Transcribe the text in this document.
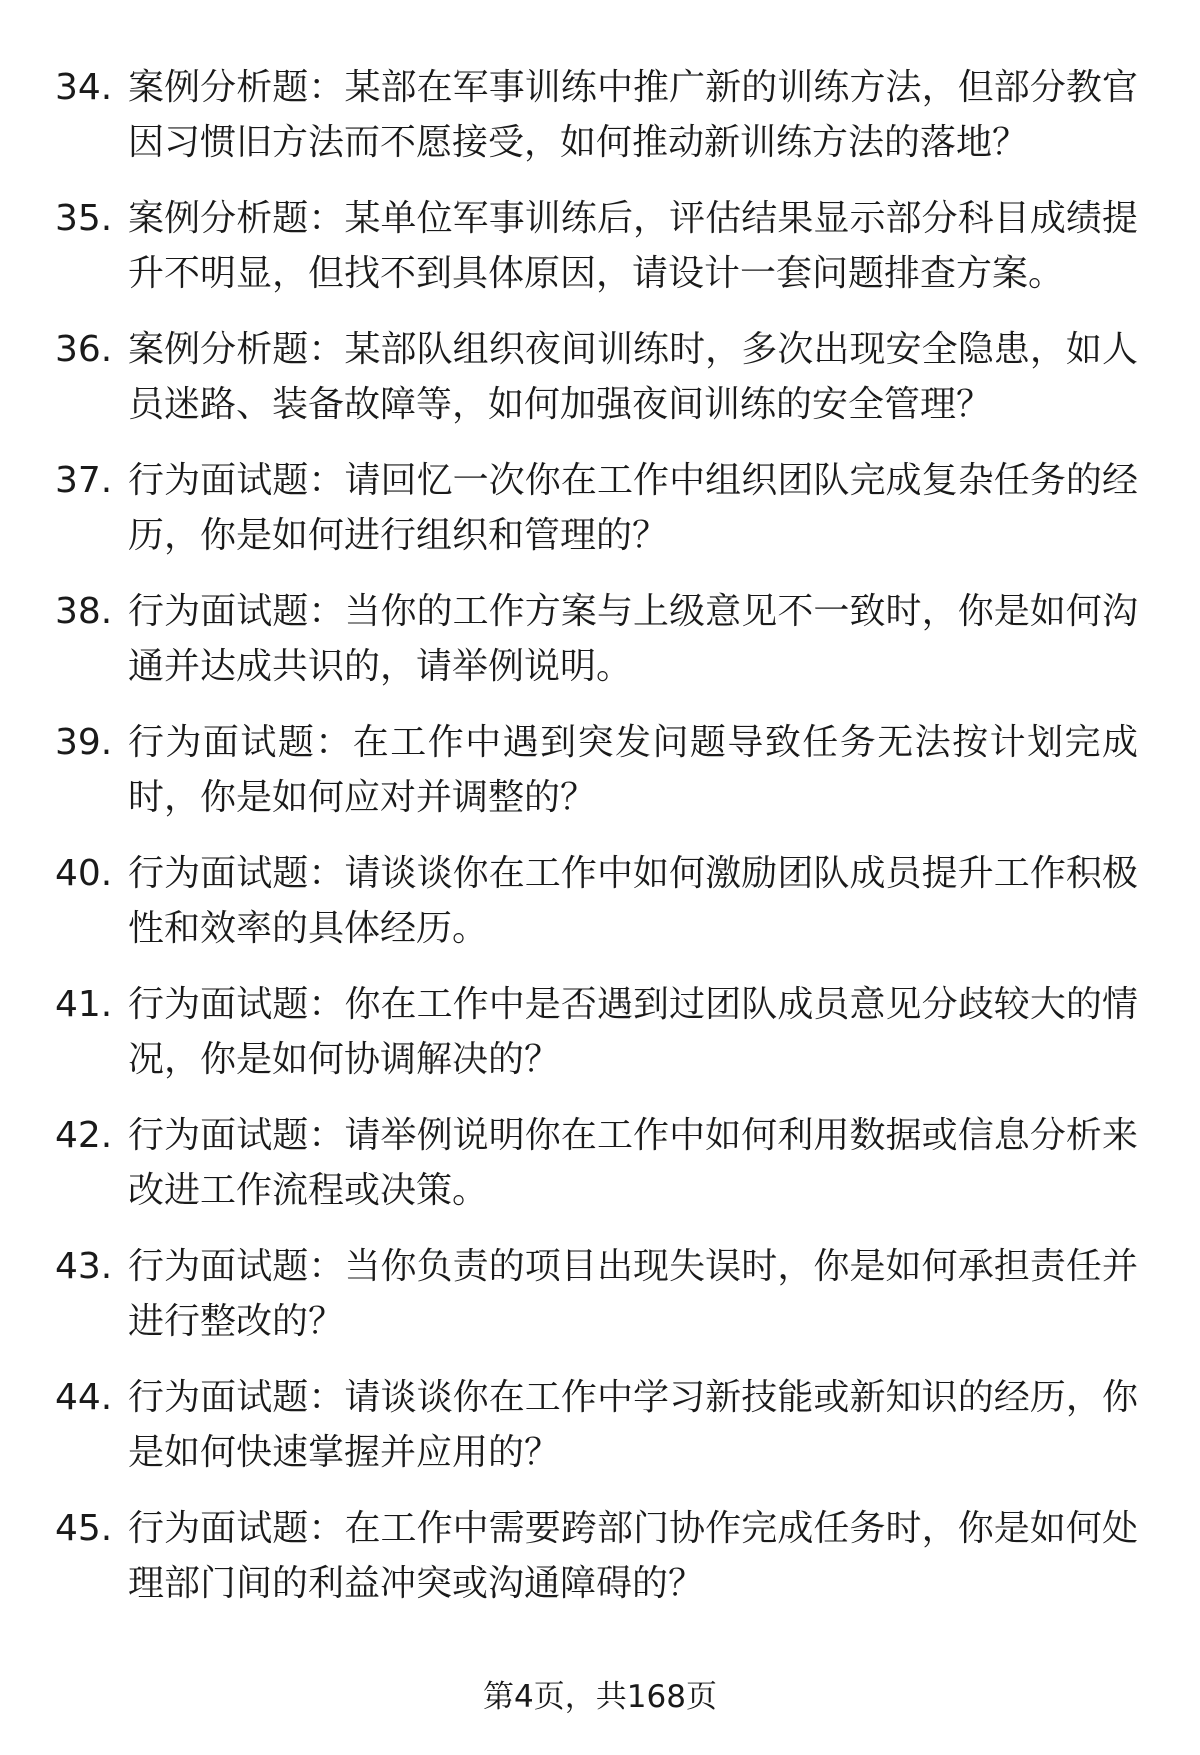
34. 案例分析题：某部在军事训练中推广新的训练方法，但部分教官因习惯旧方法而不愿接受，如何推动新训练方法的落地？
35. 案例分析题：某单位军事训练后，评估结果显示部分科目成绩提升不明显，但找不到具体原因，请设计一套问题排查方案。
36. 案例分析题：某部队组织夜间训练时，多次出现安全隐患，如人员迷路、装备故障等，如何加强夜间训练的安全管理？
37. 行为面试题：请回忆一次你在工作中组织团队完成复杂任务的经历，你是如何进行组织和管理的？
38. 行为面试题：当你的工作方案与上级意见不一致时，你是如何沟通并达成共识的，请举例说明。
39. 行为面试题：在工作中遇到突发问题导致任务无法按计划完成时，你是如何应对并调整的？
40. 行为面试题：请谈谈你在工作中如何激励团队成员提升工作积极性和效率的具体经历。
41. 行为面试题：你在工作中是否遇到过团队成员意见分歧较大的情况，你是如何协调解决的？
42. 行为面试题：请举例说明你在工作中如何利用数据或信息分析来改进工作流程或决策。
43. 行为面试题：当你负责的项目出现失误时，你是如何承担责任并进行整改的？
44. 行为面试题：请谈谈你在工作中学习新技能或新知识的经历，你是如何快速掌握并应用的？
45. 行为面试题：在工作中需要跨部门协作完成任务时，你是如何处理部门间的利益冲突或沟通障碍的？
第4页，共168页
